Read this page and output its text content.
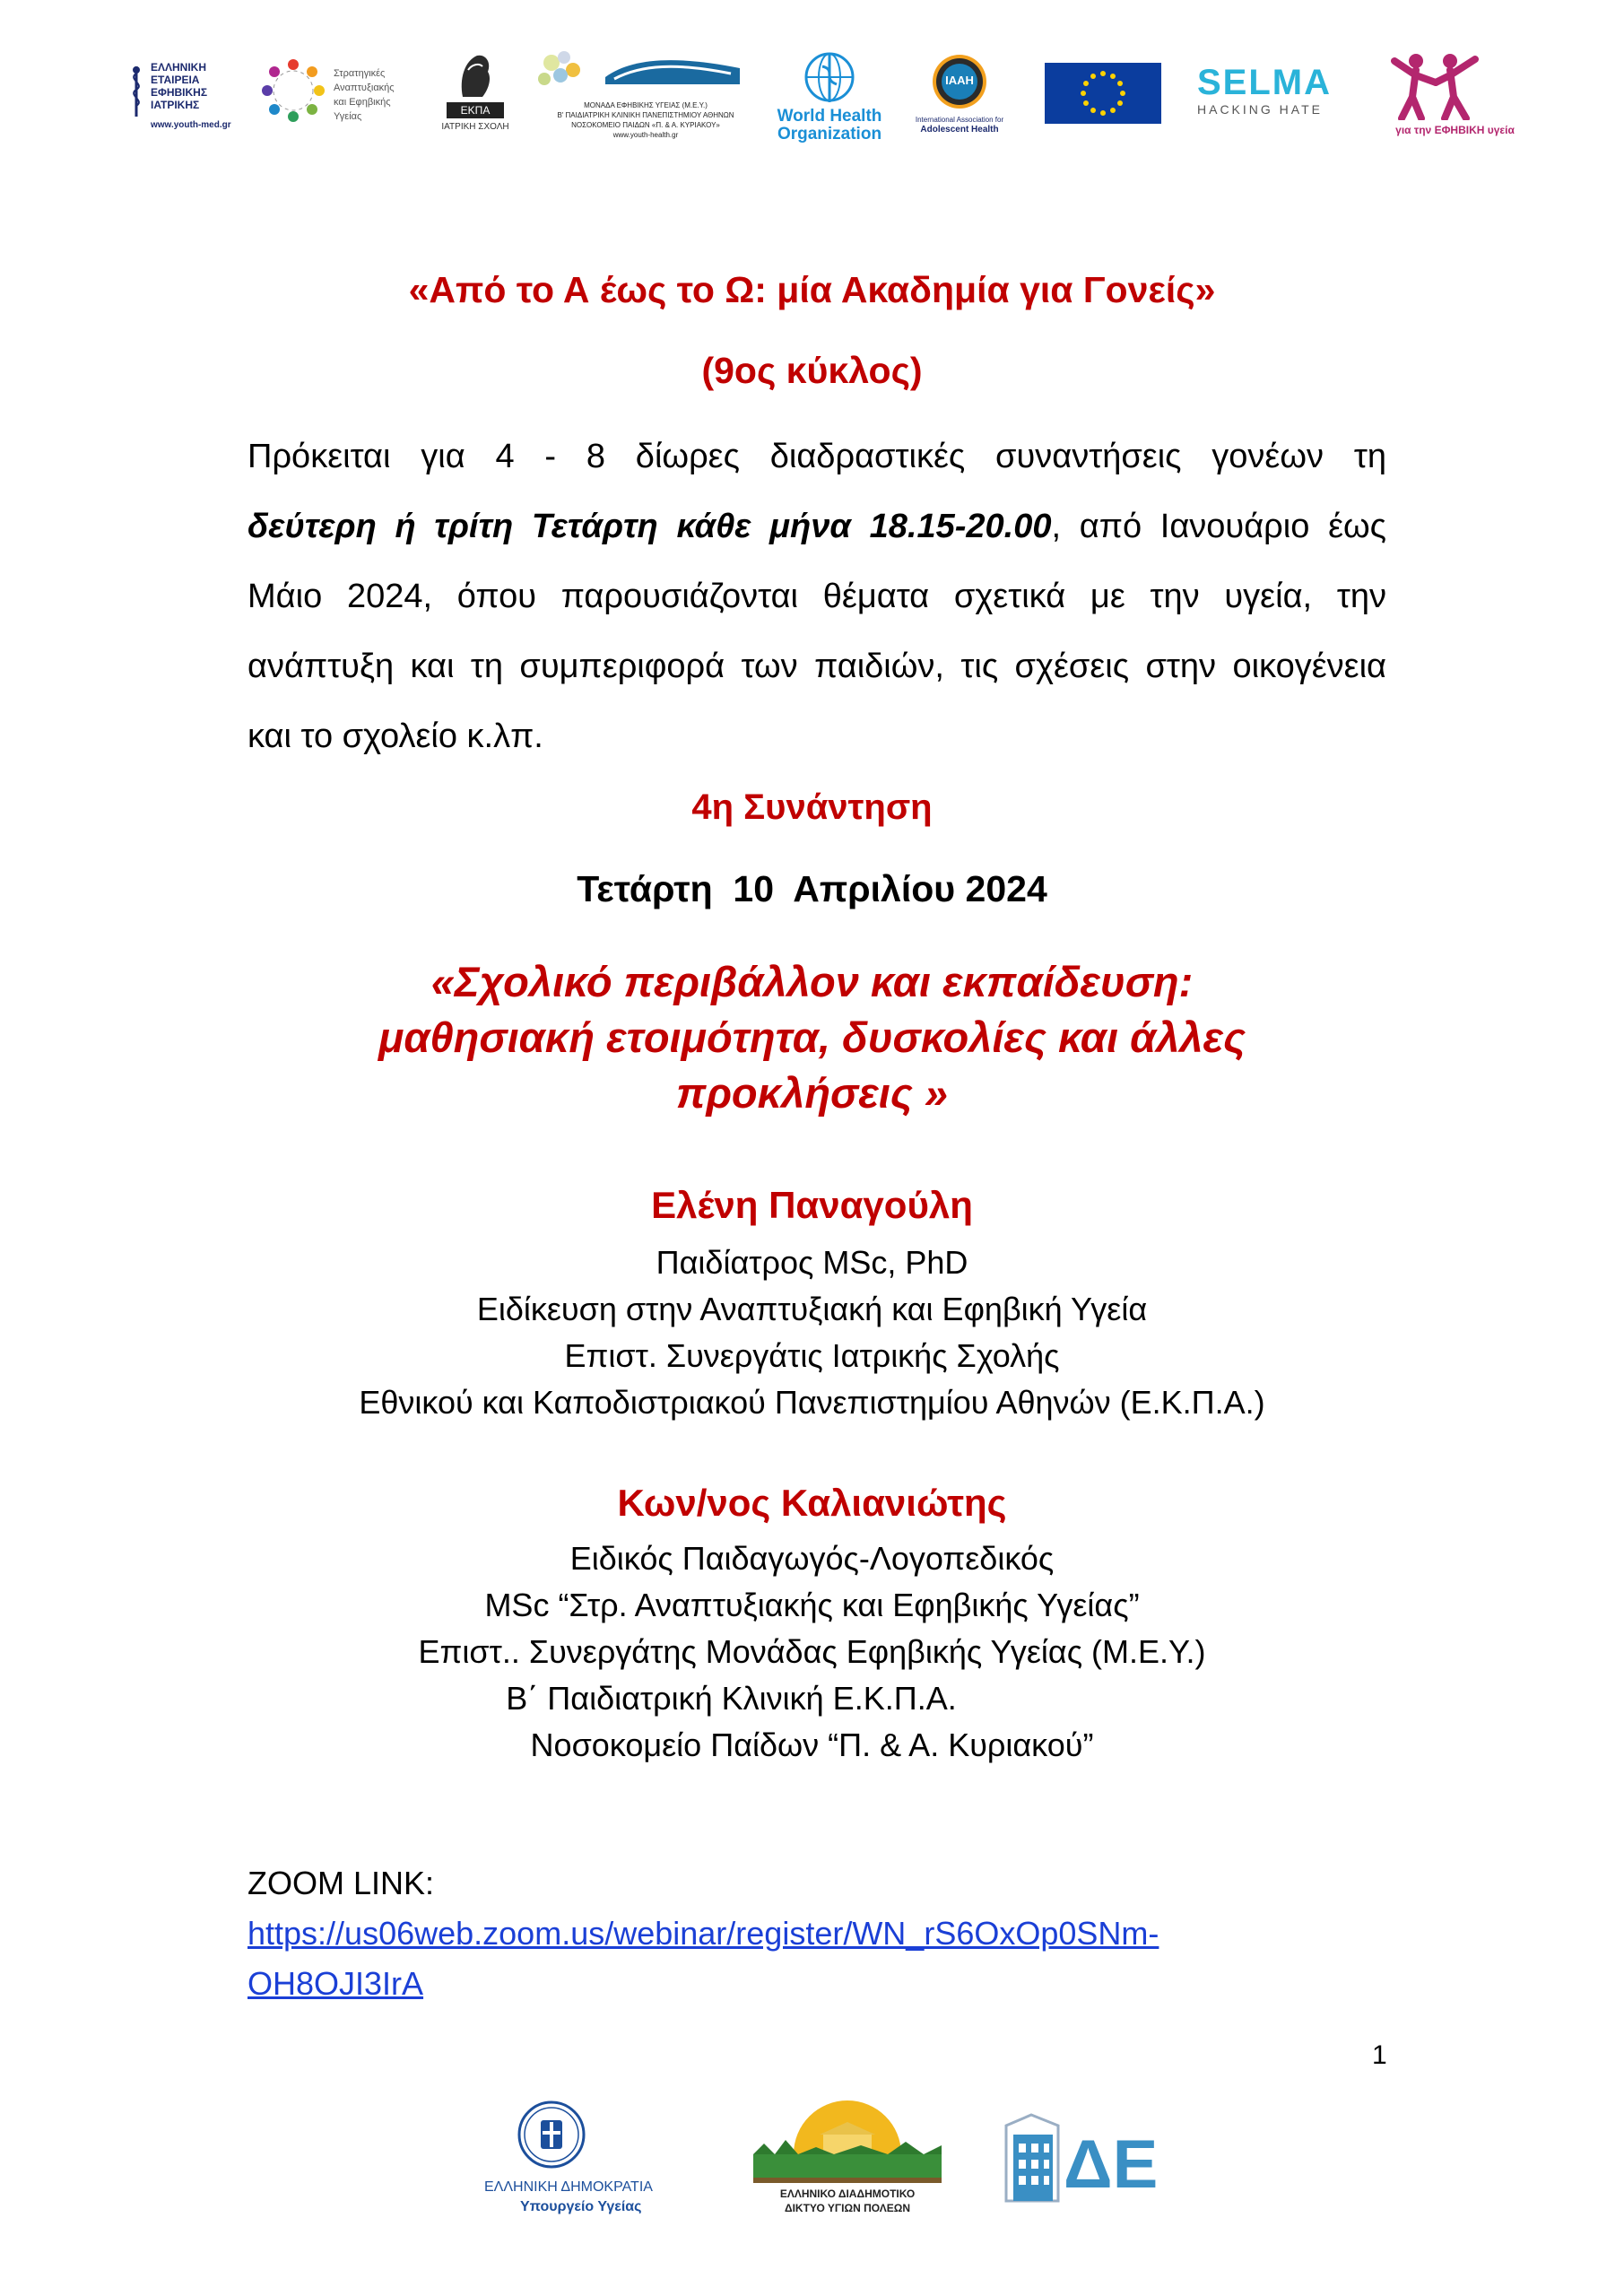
ΕΛΛΗΝΙΚΗ
ΕΤΑΙΡΕΙΑ
ΕΦΗΒΙΚΗΣ
ΙΑΤΡΙΚΗΣ
www.youth-med.gr
Στρατηγικές
Αναπτυξιακής
και Εφηβικής
Υγείας	ΕΚΠΑ
ΙΑΤΡΙΚΗ ΣΧΟΛΗ
ΜΟΝΑΔΑ ΕΦΗΒΙΚΗΣ ΥΓΕΙΑΣ (Μ.Ε.Υ.)
Β' ΠΑΙΔΙΑΤΡΙΚΗ ΚΛΙΝΙΚΗ ΠΑΝΕΠΙΣΤΗΜΙΟΥ ΑΘΗΝΩΝ
ΝΟΣΟΚΟΜΕΙΟ ΠΑΙΔΩΝ «Π. & Α. ΚΥΡΙΑΚΟΥ»
www.youth-health.gr
World Health
Organization
IAAH
International Association for
Adolescent Health
SELMA
HACKING HATE
για την ΕΦΗΒΙΚΗ υγεία
«Από το Α έως το Ω: μία Ακαδημία για Γονείς»
(9ος κύκλος)
Πρόκειται για 4 - 8 δίωρες διαδραστικές συναντήσεις γονέων τη
δεύτερη ή τρίτη Τετάρτη κάθε μήνα 18.15-20.00, από Ιανουάριο έως
Μάιο 2024, όπου παρουσιάζονται θέματα σχετικά με την υγεία, την
ανάπτυξη και τη συμπεριφορά των παιδιών, τις σχέσεις στην οικογένεια
και το σχολείο κ.λπ.
4η Συνάντηση
Τετάρτη  10  Απριλίου 2024
«Σχολικό περιβάλλον και εκπαίδευση:
μαθησιακή ετοιμότητα, δυσκολίες και άλλες
προκλήσεις »
Ελένη Παναγούλη
Παιδίατρος MSc, PhD
Ειδίκευση στην Αναπτυξιακή και Εφηβική Υγεία
Επιστ. Συνεργάτις Ιατρικής Σχολής
Εθνικού και Καποδιστριακού Πανεπιστημίου Αθηνών (Ε.Κ.Π.Α.)
Κων/νος Καλιανιώτης
Ειδικός Παιδαγωγός-Λογοπεδικός
MSc “Στρ. Αναπτυξιακής και Εφηβικής Υγείας”
Επιστ.. Συνεργάτης Μονάδας Εφηβικής Υγείας (Μ.Ε.Υ.)
Β΄ Παιδιατρική Κλινική Ε.Κ.Π.Α.
Νοσοκομείο Παίδων “Π. & Α. Κυριακού”
ZOOM LINK:
https://us06web.zoom.us/webinar/register/WN_rS6OxOp0SNm-
OH8OJI3IrA
1
ΕΛΛΗΝΙΚΗ ΔΗΜΟΚΡΑΤΙΑ
Υπουργείο Υγείας
ΕΛΛΗΝΙΚΟ ΔΙΑΔΗΜΟΤΙΚΟ
ΔΙΚΤΥΟ ΥΓΙΩΝ ΠΟΛΕΩΝ
ΔΕ
